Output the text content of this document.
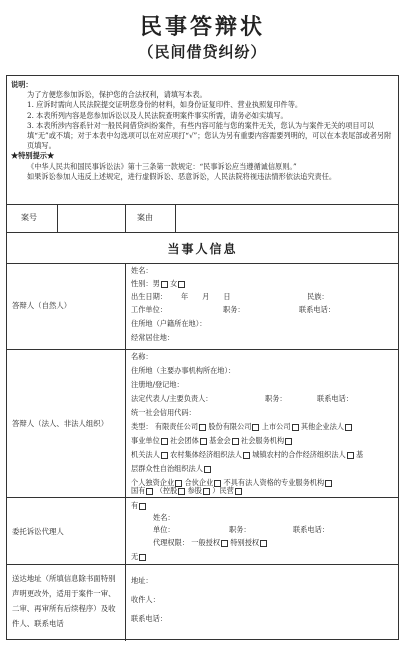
民事答辩状
（民间借贷纠纷）
说明：
为了方便您参加诉讼，保护您的合法权利，请填写本表。
1. 应诉时需向人民法院提交证明您身份的材料，如身份证复印件、营业执照复印件等。
2. 本表所列内容是您参加诉讼以及人民法院查明案件事实所需，请务必如实填写。
3. 本表所涉内容系针对一般民间借贷纠纷案件，有些内容可能与您的案件无关，您认为与案件无关的项目可以填“无”或不填；对于本表中勾选项可以在对应项打“√”；您认为另有重要内容需要列明的，可以在本表尾部或者另附页填写。
★特别提示★
《中华人民共和国民事诉讼法》第十三条第一款规定：“民事诉讼应当遵循诚信原则。”
如果诉讼参加人违反上述规定，进行虚假诉讼、恶意诉讼，人民法院将视违法情形依法追究责任。
案号	案由
当事人信息
答辩人（自然人）
姓名：
性别：男 女
出生日期： 年 月 日	民族：
工作单位：	职务：	联系电话：
住所地（户籍所在地）：
经常居住地：
答辩人（法人、非法人组织）
名称：
住所地（主要办事机构所在地）：
注册地/登记地：
法定代表人/主要负责人：	职务：	联系电话：
统一社会信用代码：
类型： 有限责任公司 股份有限公司 上市公司 其他企业法人
事业单位 社会团体 基金会 社会服务机构
机关法人 农村集体经济组织法人 城镇农村的合作经济组织法人 基
层群众性自治组织法人
个人独资企业 合伙企业 不具有法人资格的专业服务机构
国有 （控股 参股 ）民营
委托诉讼代理人
有
姓名：
单位：	职务：	联系电话：
代理权限： 一般授权 特别授权
无
送达地址（所填信息除书面特别声明更改外，适用于案件一审、二审、再审所有后续程序）及收件人、联系电话
地址：
收件人：
联系电话：
